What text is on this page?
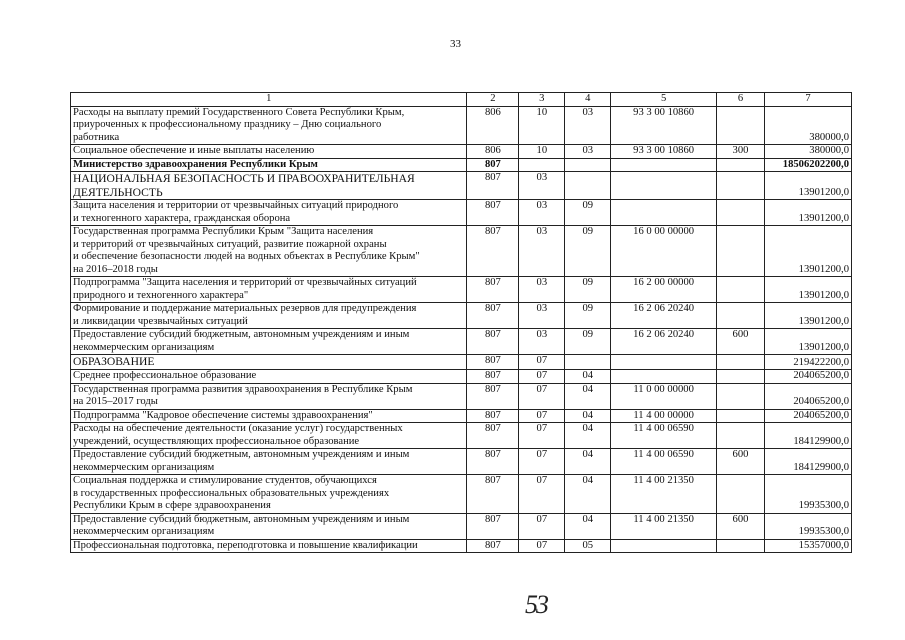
33
1	2	3	4	5	6	7
Расходы на выплату премий Государственного Совета Республики Крым,
приуроченных к профессиональному празднику – Дню социального
работника	806	10	03	93 3 00 10860		380000,0
Социальное обеспечение и иные выплаты населению	806	10	03	93 3 00 10860	300	380000,0
Министерство здравоохранения Республики Крым	807					18506202200,0
НАЦИОНАЛЬНАЯ БЕЗОПАСНОСТЬ И ПРАВООХРАНИТЕЛЬНАЯ
ДЕЯТЕЛЬНОСТЬ	807	03				13901200,0
Защита населения и территории от чрезвычайных ситуаций природного
и техногенного характера, гражданская оборона	807	03	09			13901200,0
Государственная программа Республики Крым "Защита населения
и территорий от чрезвычайных ситуаций, развитие пожарной охраны
и обеспечение безопасности людей на водных объектах в Республике Крым"
на 2016–2018 годы	807	03	09	16 0 00 00000		13901200,0
Подпрограмма "Защита населения и территорий от чрезвычайных ситуаций
природного и техногенного характера"	807	03	09	16 2 00 00000		13901200,0
Формирование и поддержание материальных резервов для предупреждения
и ликвидации чрезвычайных ситуаций	807	03	09	16 2 06 20240		13901200,0
Предоставление субсидий бюджетным, автономным учреждениям и иным
некоммерческим организациям	807	03	09	16 2 06 20240	600	13901200,0
ОБРАЗОВАНИЕ	807	07				219422200,0
Среднее профессиональное образование	807	07	04			204065200,0
Государственная программа развития здравоохранения в Республике Крым
на 2015–2017 годы	807	07	04	11 0 00 00000		204065200,0
Подпрограмма "Кадровое обеспечение системы здравоохранения"	807	07	04	11 4 00 00000		204065200,0
Расходы на обеспечение деятельности (оказание услуг) государственных
учреждений, осуществляющих профессиональное образование	807	07	04	11 4 00 06590		184129900,0
Предоставление субсидий бюджетным, автономным учреждениям и иным
некоммерческим организациям	807	07	04	11 4 00 06590	600	184129900,0
Социальная поддержка и стимулирование студентов, обучающихся
в государственных профессиональных образовательных учреждениях
Республики Крым в сфере здравоохранения	807	07	04	11 4 00 21350		19935300,0
Предоставление субсидий бюджетным, автономным учреждениям и иным
некоммерческим организациям	807	07	04	11 4 00 21350	600	19935300,0
Профессиональная подготовка, переподготовка и повышение квалификации	807	07	05			15357000,0
53
